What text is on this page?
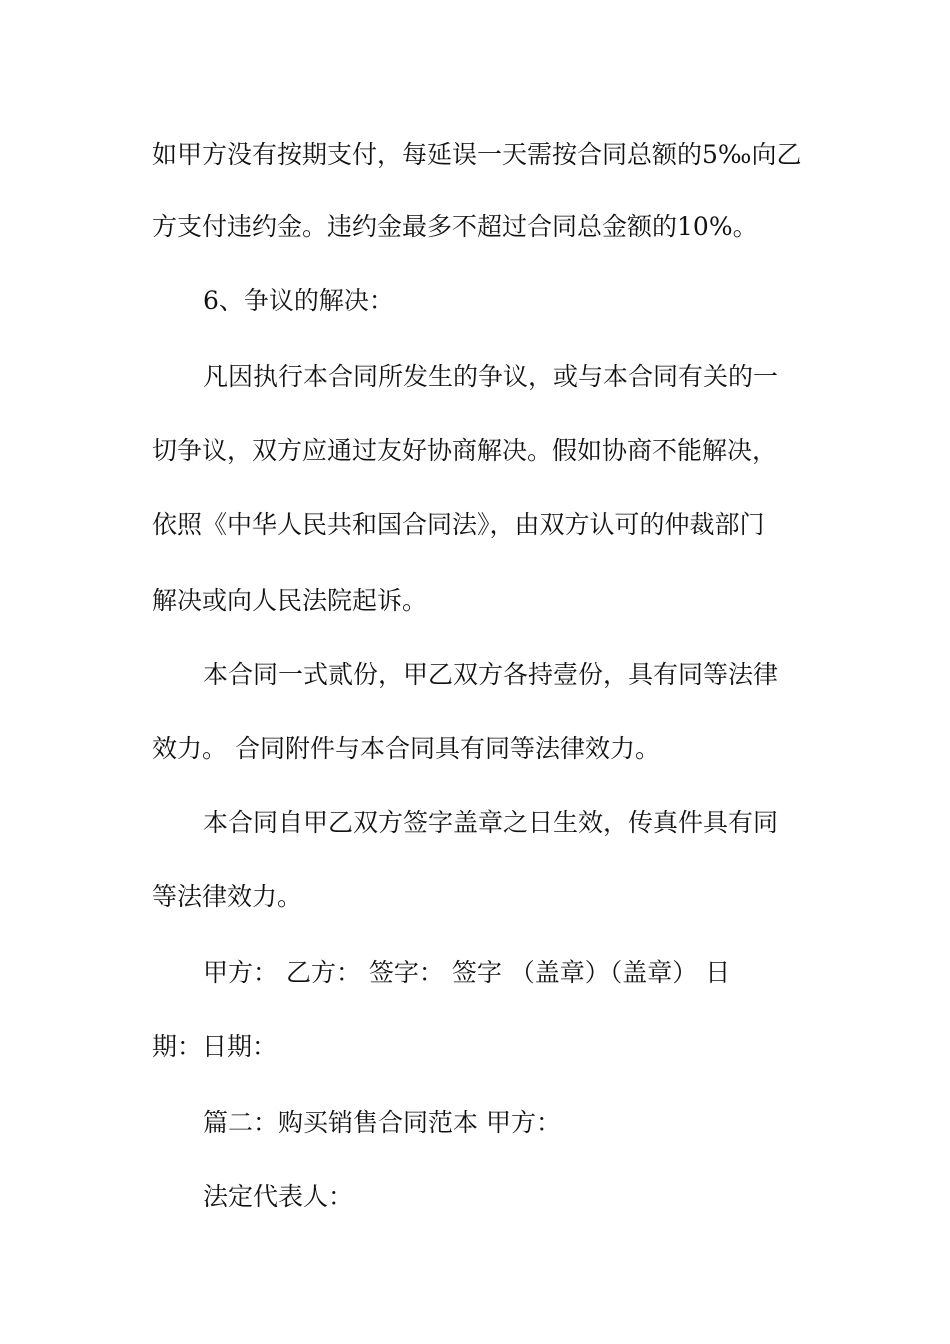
如甲方没有按期支付，每延误一天需按合同总额的5‰向乙

方支付违约金。违约金最多不超过合同总金额的10%。

6、争议的解决：

凡因执行本合同所发生的争议，或与本合同有关的一

切争议，双方应通过友好协商解决。假如协商不能解决，

依照《中华人民共和国合同法》，由双方认可的仲裁部门

解决或向人民法院起诉。

本合同一式贰份，甲乙双方各持壹份，具有同等法律

效力。 合同附件与本合同具有同等法律效力。

本合同自甲乙双方签字盖章之日生效，传真件具有同

等法律效力。

甲方： 乙方： 签字： 签字 （盖章）（盖章） 日

期：日期：

篇二：购买销售合同范本 甲方：

法定代表人：
